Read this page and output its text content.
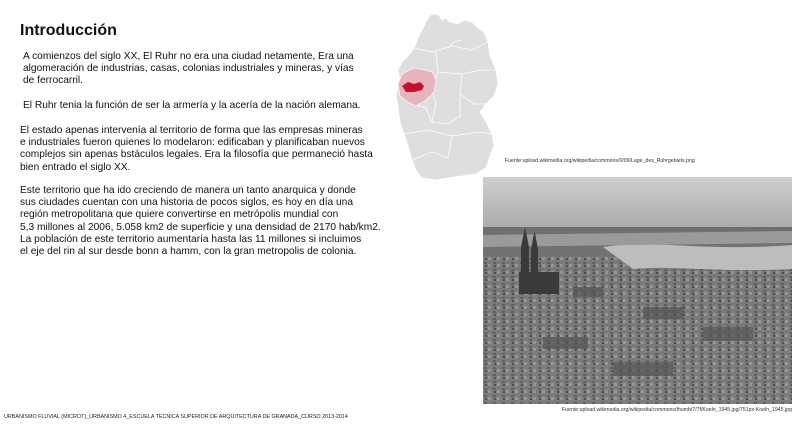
Introducción
A comienzos del siglo XX, El Ruhr no era una ciudad netamente, Era una
algomeración de industrias, casas, colonias industriales y mineras, y vías
de ferrocarril.
El Ruhr tenia la función de ser la armería y la acería de la nación alemana.
El estado apenas intervenía al territorio de forma que las empresas mineras
e industriales fueron quienes lo modelaron: edificaban y planificaban nuevos
complejos sin apenas bstáculos legales. Era la filosofía que permaneció hasta
bien entrado el siglo XX.
Este territorio que ha ido creciendo de manera un tanto anarquica y donde
sus ciudades cuentan con una historia de pocos siglos, es hoy en día una
región metropolitana que quiere convertirse en metrópolis mundial con
5,3 millones al 2006, 5.058 km2 de superficie y una densidad de 2170 hab/km2.
La población de este territorio aumentaría hasta las 11 millones si incluimos
el eje del rin al sur desde bonn a hamm, con la gran metropolis de colonia.
Fuente:upload.wikimedia.org/wikipedia/commons/0/09/Lage_des_Ruhrgebiets.png
Fuente:upload.wikimedia.org/wikipedia/commons/thumb/7/7f/Koeln_1945.jpg/751px-Koeln_1945.jpg
URBANISMO FLUVIAL (MICROT)_URBANISMO 4_ESCUELA TECNICA SUPERIOR DE ARQUITECTURA DE GRANADA_CURSO 2013-2014
